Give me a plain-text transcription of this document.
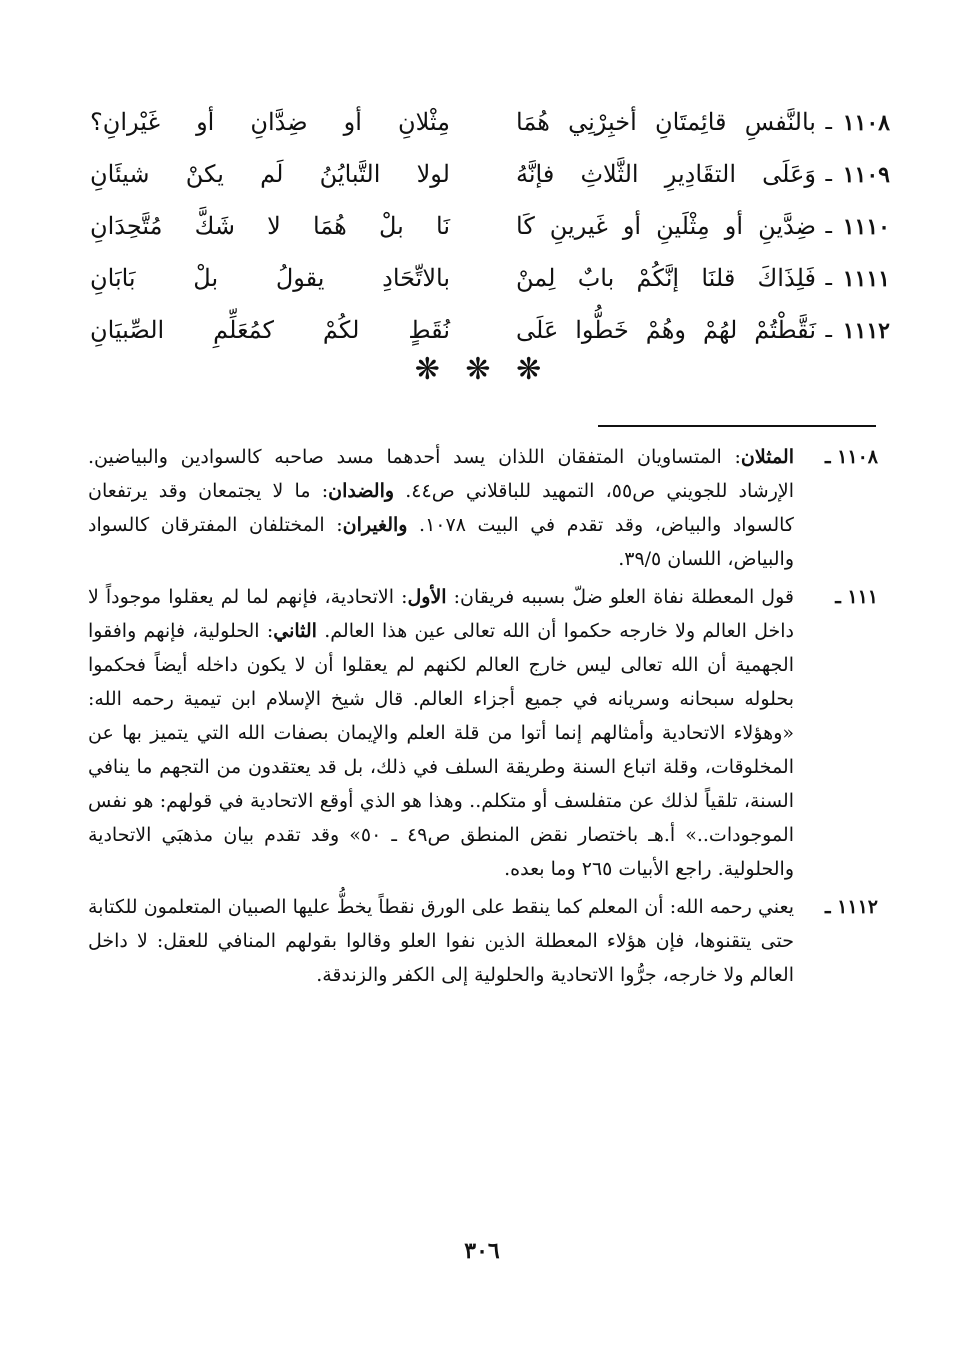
١١٠٨
ـ
بالنَّفسِ قائِمتَانِ أخبِرْنِي هُمَا
مِثْلانِ أو ضِدَّانِ أو غَيْرانِ؟
١١٠٩
ـ
وَعَلَى التقَادِيرِ الثَّلاثِ فإنَّهُ
لولا التَّبايُنُ لَم يكنْ شيئَانِ
١١١٠
ـ
ضِدَّينِ أو مِثْلَينِ أو غَيرينِ كَا
نَا بلْ هُمَا لا شَكَّ مُتَّحِدَانِ
١١١١
ـ
فَلِذَاكَ قلنَا إنَّكُمْ بابٌ لِمنْ
بالاتِّحَادِ يقولُ بلْ بَابَانِ
١١١٢
ـ
نَقَّطْتُمْ لهُمْ وهُمْ خَطُّوا عَلَى
نُقَطٍ لكُمْ كمُعَلِّمِ الصِّبيَانِ
❋ ❋ ❋
١١٠٨ ـ
المثلان: المتساويان المتفقان اللذان يسد أحدهما مسد صاحبه كالسوادين والبياضين. الإرشاد للجويني ص٥٥، التمهيد للباقلاني ص٤٤. والضدان: ما لا يجتمعان وقد يرتفعان كالسواد والبياض، وقد تقدم في البيت ١٠٧٨. والغيران: المختلفان المفترقان كالسواد والبياض، اللسان ٣٩/٥.
١١١ ـ
قول المعطلة نفاة العلو ضلّ بسببه فريقان: الأول: الاتحادية، فإنهم لما لم يعقلوا موجوداً لا داخل العالم ولا خارجه حكموا أن الله تعالى عين هذا العالم. الثاني: الحلولية، فإنهم وافقوا الجهمية أن الله تعالى ليس خارج العالم لكنهم لم يعقلوا أن لا يكون داخله أيضاً فحكموا بحلوله سبحانه وسريانه في جميع أجزاء العالم. قال شيخ الإسلام ابن تيمية رحمه الله: «وهؤلاء الاتحادية وأمثالهم إنما أتوا من قلة العلم والإيمان بصفات الله التي يتميز بها عن المخلوقات، وقلة اتباع السنة وطريقة السلف في ذلك، بل قد يعتقدون من التجهم ما ينافي السنة، تلقياً لذلك عن متفلسف أو متكلم.. وهذا هو الذي أوقع الاتحادية في قولهم: هو نفس الموجودات..» أ.هـ باختصار نقض المنطق ص٤٩ ـ ٥٠» وقد تقدم بيان مذهبَي الاتحادية والحلولية. راجع الأبيات ٢٦٥ وما بعده.
١١١٢ ـ
يعني رحمه الله: أن المعلم كما ينقط على الورق نقطاً يخطُّ عليها الصبيان المتعلمون للكتابة حتى يتقنوها، فإن هؤلاء المعطلة الذين نفوا العلو وقالوا بقولهم المنافي للعقل: لا داخل العالم ولا خارجه، جرُّوا الاتحادية والحلولية إلى الكفر والزندقة.
٣٠٦
